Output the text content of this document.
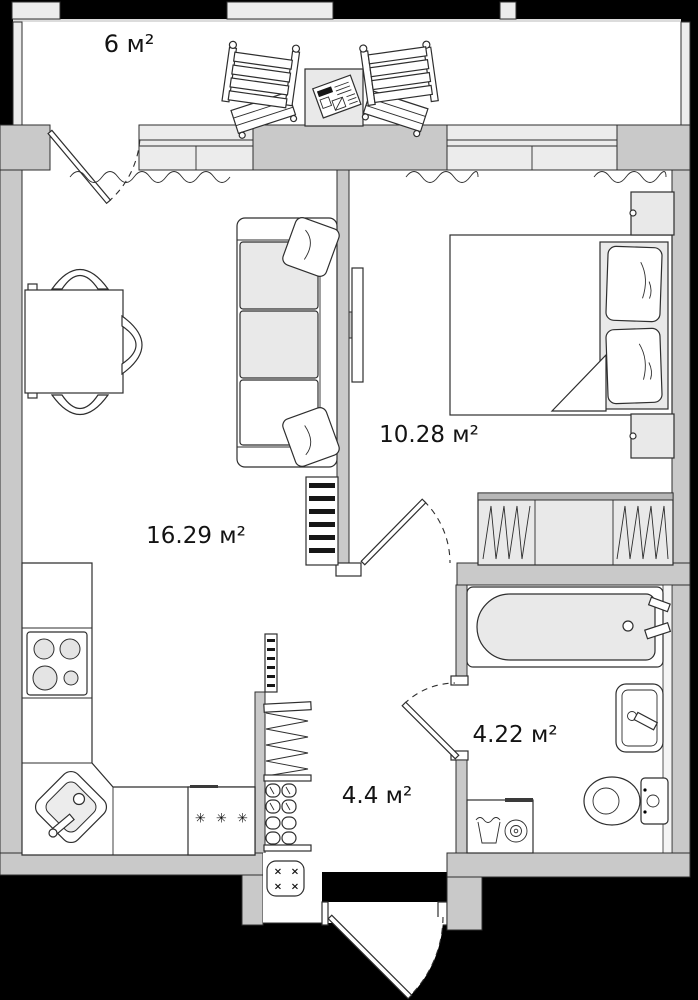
6 м²
16.29 м²
10.28 м²
4.22 м²
4.4 м²
✳ ✳ ✳
× ×
× ×
